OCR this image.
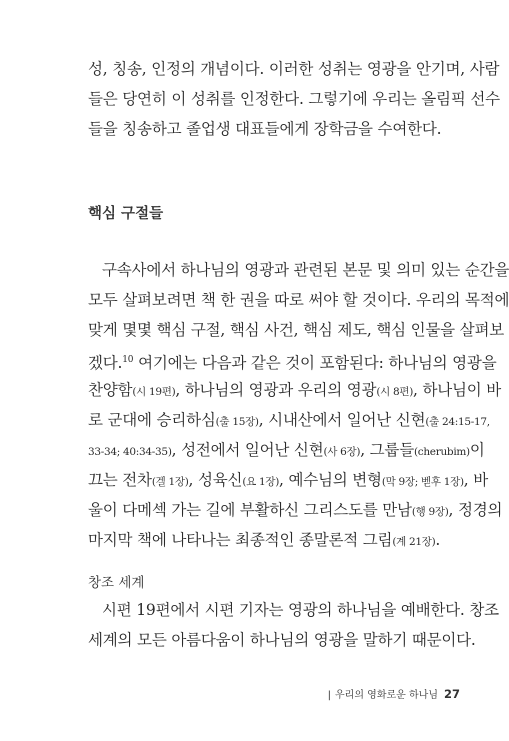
성, 칭송, 인정의 개념이다. 이러한 성취는 영광을 안기며, 사람
들은 당연히 이 성취를 인정한다. 그렇기에 우리는 올림픽 선수
들을 칭송하고 졸업생 대표들에게 장학금을 수여한다.
핵심 구절들
구속사에서 하나님의 영광과 관련된 본문 및 의미 있는 순간을
모두 살펴보려면 책 한 권을 따로 써야 할 것이다. 우리의 목적에
맞게 몇몇 핵심 구절, 핵심 사건, 핵심 제도, 핵심 인물을 살펴보
겠다.$^{10}$ 여기에는 다음과 같은 것이 포함된다: 하나님의 영광을
찬양함(시 19편), 하나님의 영광과 우리의 영광(시 8편), 하나님이 바
로 군대에 승리하심(출 15장), 시내산에서 일어난 신현(출 24:15-17,
33-34; 40:34-35), 성전에서 일어난 신현(사 6장), 그룹들(cherubim)이
끄는 전차(겔 1장), 성육신(요 1장), 예수님의 변형(막 9장; 벧후 1장), 바
울이 다메섹 가는 길에 부활하신 그리스도를 만남(행 9장), 정경의
마지막 책에 나타나는 최종적인 종말론적 그림(계 21장).
창조 세계
시편 19편에서 시편 기자는 영광의 하나님을 예배한다. 창조
세계의 모든 아름다움이 하나님의 영광을 말하기 때문이다.
| 우리의 영화로운 하나님 27
